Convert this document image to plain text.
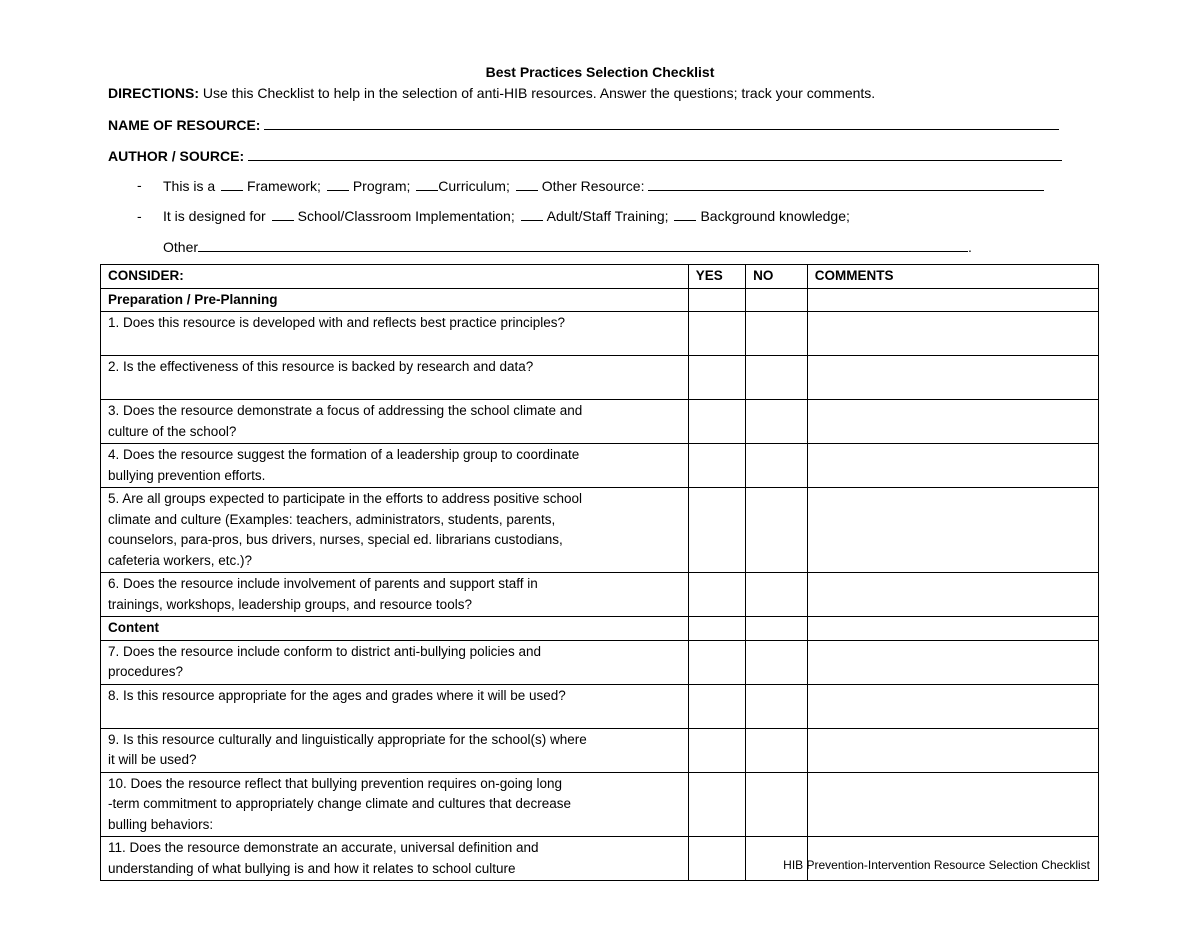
Best Practices Selection Checklist
DIRECTIONS: Use this Checklist to help in the selection of anti-HIB resources. Answer the questions; track your comments.
NAME OF RESOURCE:
AUTHOR / SOURCE:
- This is a Framework; Program; Curriculum; Other Resource:
- It is designed for School/Classroom Implementation; Adult/Staff Training; Background knowledge;
Other	.
CONSIDER:	YES	NO	COMMENTS
Preparation / Pre-Planning			

1. Does this resource is developed with and reflects best practice principles?			

2. Is the effectiveness of this resource is backed by research and data?			

3. Does the resource demonstrate a focus of addressing the school climate and
culture of the school?			

4. Does the resource suggest the formation of a leadership group to coordinate
bullying prevention efforts.			

5. Are all groups expected to participate in the efforts to address positive school
climate and culture (Examples: teachers, administrators, students, parents,
counselors, para-pros, bus drivers, nurses, special ed. librarians custodians,
cafeteria workers, etc.)?			

6. Does the resource include involvement of parents and support staff in
trainings, workshops, leadership groups, and resource tools?			

Content			

7. Does the resource include conform to district anti-bullying policies and
procedures?			

8. Is this resource appropriate for the ages and grades where it will be used?			

9. Is this resource culturally and linguistically appropriate for the school(s) where
it will be used?			

10. Does the resource reflect that bullying prevention requires on-going long
-term commitment to appropriately change climate and cultures that decrease
bulling behaviors:			

11. Does the resource demonstrate an accurate, universal definition and
understanding of what bullying is and how it relates to school culture			
				HIB Prevention-Intervention Resource Selection Checklist
